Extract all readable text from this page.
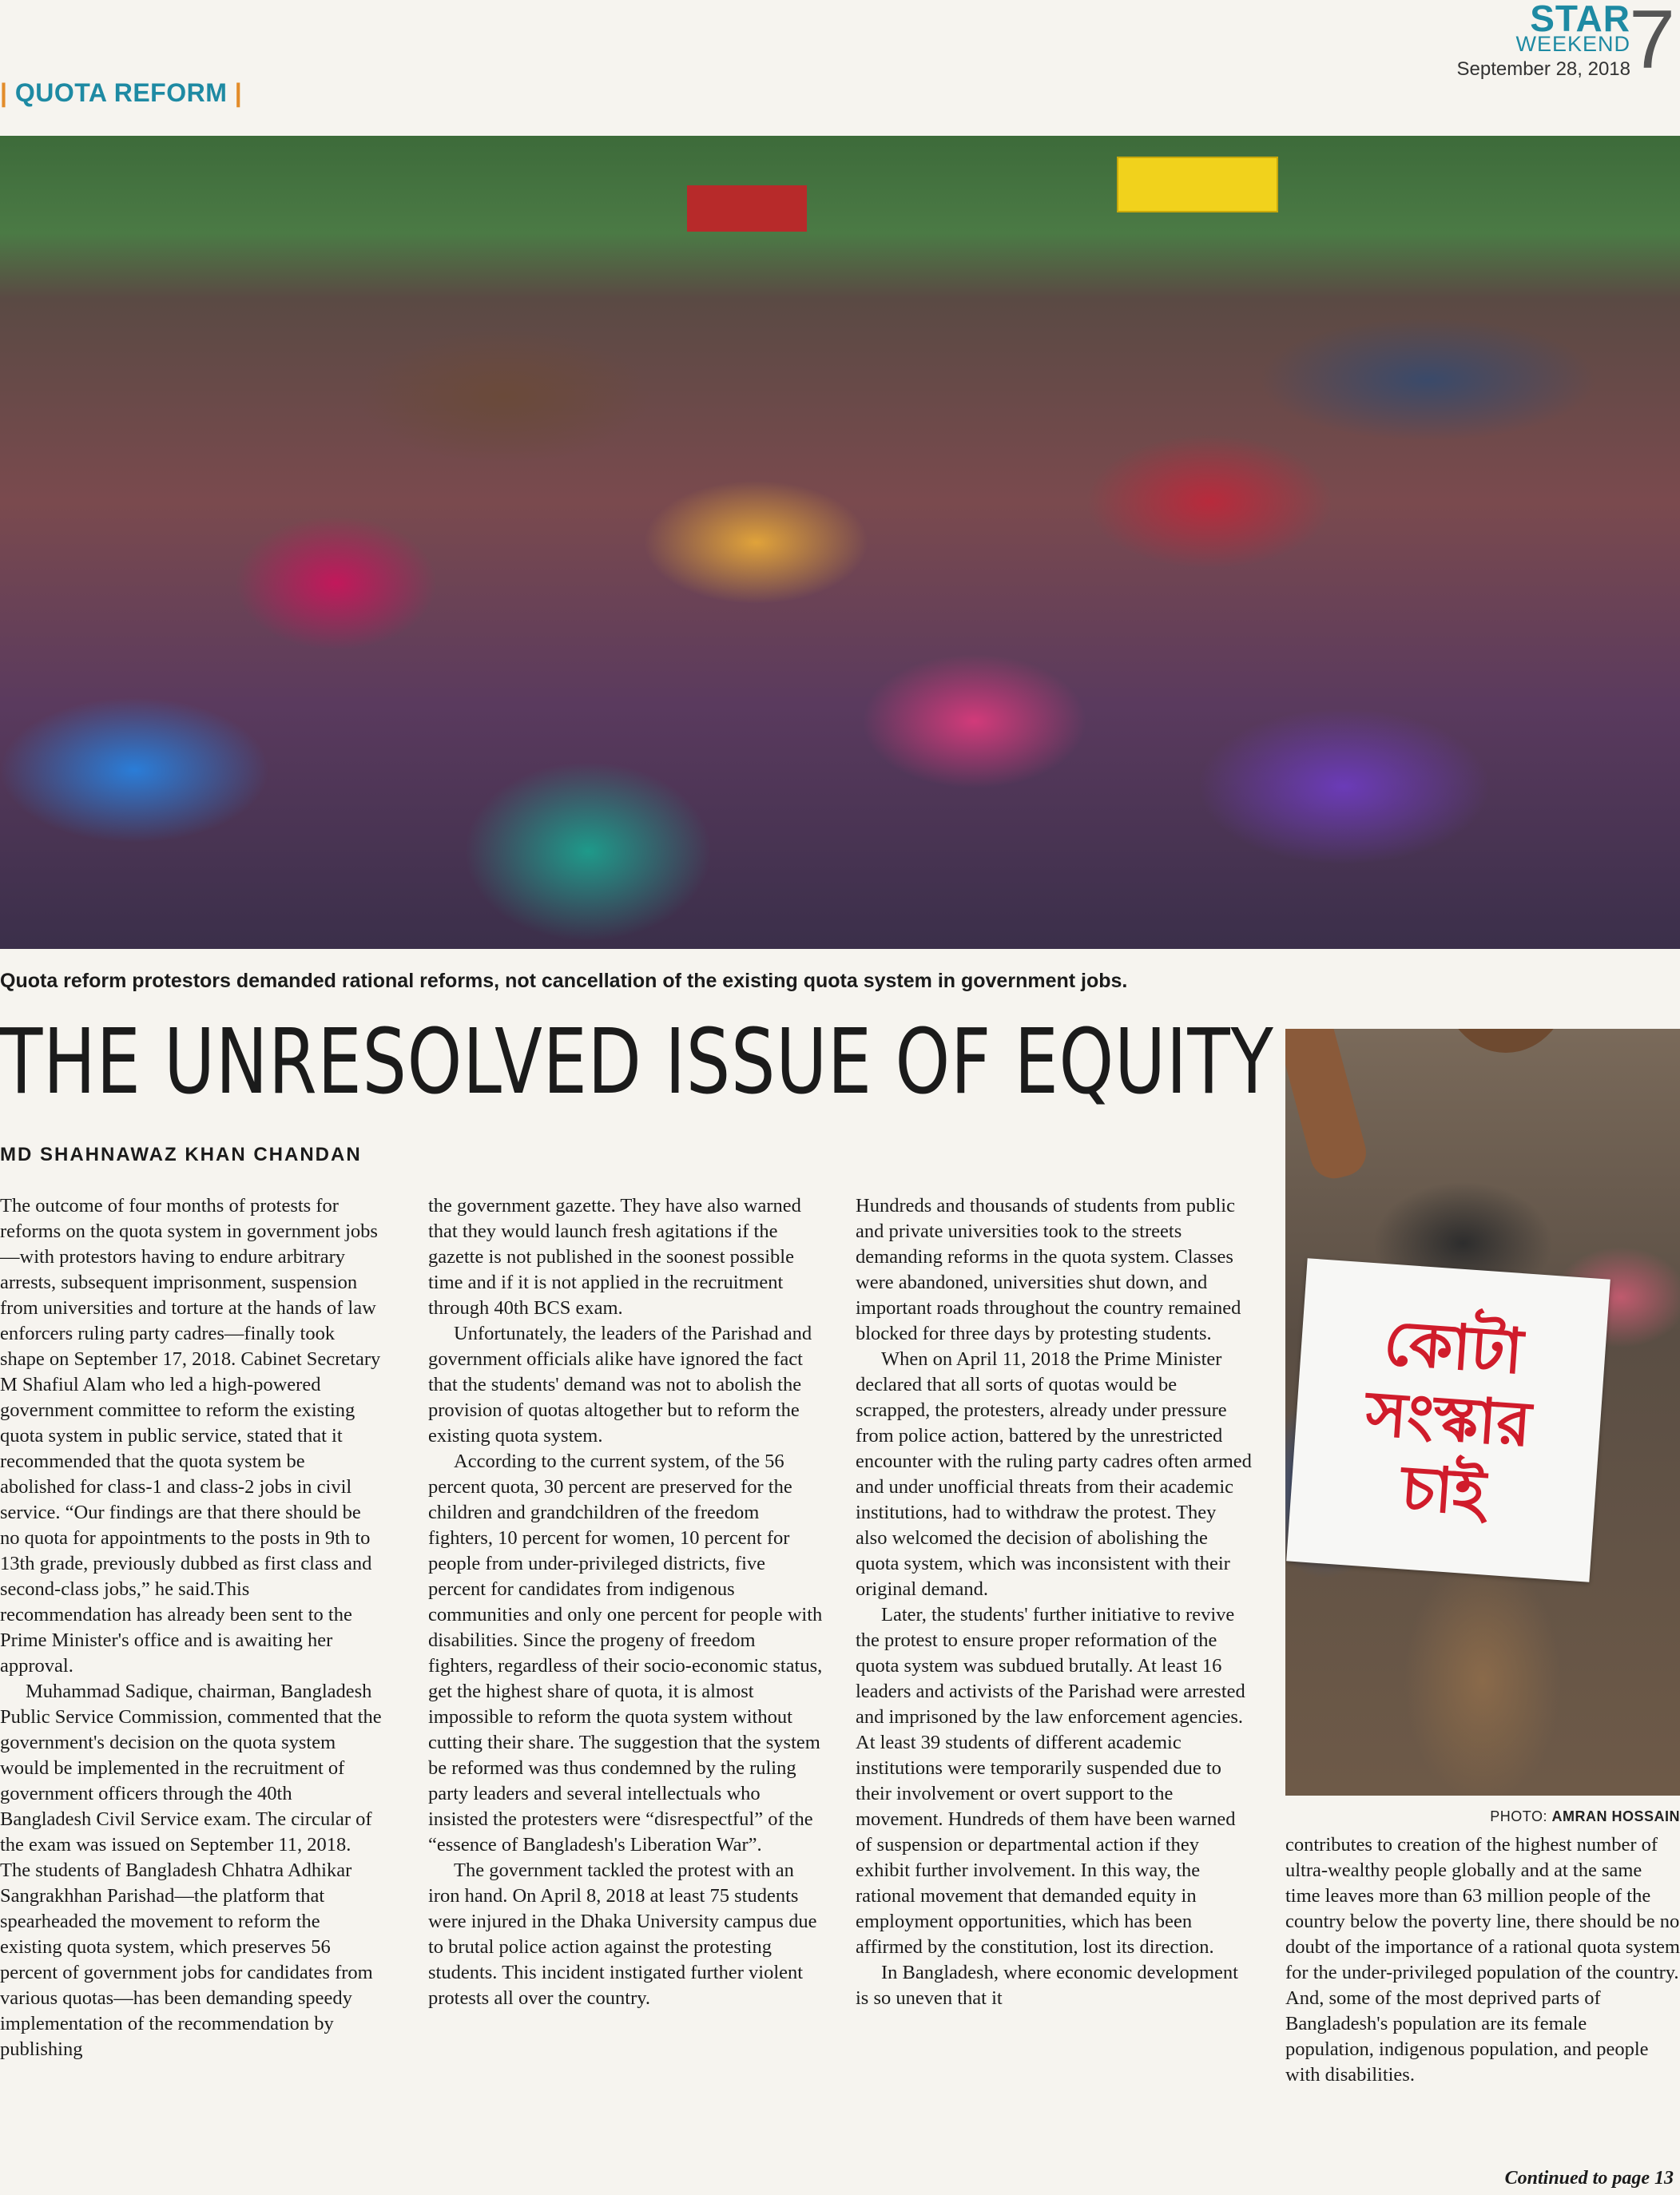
| QUOTA REFORM |
STAR
WEEKEND
September 28, 2018
7
Quota reform protestors demanded rational reforms, not cancellation of the existing quota system in government jobs.
কোটা
সংস্কার
চাই
PHOTO: AMRAN HOSSAIN
THE UNRESOLVED ISSUE OF EQUITY
MD SHAHNAWAZ KHAN CHANDAN

The outcome of four months of protests for reforms on the quota system in government jobs—with protestors having to endure arbitrary arrests, subsequent imprisonment, suspension from universities and torture at the hands of law enforcers ruling party cadres—finally took shape on September 17, 2018. Cabinet Secretary M Shafiul Alam who led a high-powered government committee to reform the existing quota system in public service, stated that it recommended that the quota system be abolished for class-1 and class-2 jobs in civil service. “Our findings are that there should be no quota for appointments to the posts in 9th to 13th grade, previously dubbed as first class and second-class jobs,” he said.This recommendation has already been sent to the Prime Minister's office and is awaiting her approval.

Muhammad Sadique, chairman, Bangladesh Public Service Commission, commented that the government's decision on the quota system would be implemented in the recruitment of government officers through the 40th Bangladesh Civil Service exam. The circular of the exam was issued on September 11, 2018. The students of Bangladesh Chhatra Adhikar Sangrakhhan Parishad—the platform that spearheaded the movement to reform the existing quota system, which preserves 56 percent of government jobs for candidates from various quotas—has been demanding speedy implementation of the recommendation by publishing

the government gazette. They have also warned that they would launch fresh agitations if the gazette is not published in the soonest possible time and if it is not applied in the recruitment through 40th BCS exam.

Unfortunately, the leaders of the Parishad and government officials alike have ignored the fact that the students' demand was not to abolish the provision of quotas altogether but to reform the existing quota system.

According to the current system, of the 56 percent quota, 30 percent are preserved for the children and grandchildren of the freedom fighters, 10 percent for women, 10 percent for people from under-privileged districts, five percent for candidates from indigenous communities and only one percent for people with disabilities. Since the progeny of freedom fighters, regardless of their socio-economic status, get the highest share of quota, it is almost impossible to reform the quota system without cutting their share. The suggestion that the system be reformed was thus condemned by the ruling party leaders and several intellectuals who insisted the protesters were “disrespectful” of the “essence of Bangladesh's Liberation War”.

The government tackled the protest with an iron hand. On April 8, 2018 at least 75 students were injured in the Dhaka University campus due to brutal police action against the protesting students. This incident instigated further violent protests all over the country.

Hundreds and thousands of students from public and private universities took to the streets demanding reforms in the quota system. Classes were abandoned, universities shut down, and important roads throughout the country remained blocked for three days by protesting students.

When on April 11, 2018 the Prime Minister declared that all sorts of quotas would be scrapped, the protesters, already under pressure from police action, battered by the unrestricted encounter with the ruling party cadres often armed and under unofficial threats from their academic institutions, had to withdraw the protest. They also welcomed the decision of abolishing the quota system, which was inconsistent with their original demand.

Later, the students' further initiative to revive the protest to ensure proper reformation of the quota system was subdued brutally. At least 16 leaders and activists of the Parishad were arrested and imprisoned by the law enforcement agencies. At least 39 students of different academic institutions were temporarily suspended due to their involvement or overt support to the movement. Hundreds of them have been warned of suspension or departmental action if they exhibit further involvement. In this way, the rational movement that demanded equity in employment opportunities, which has been affirmed by the constitution, lost its direction.

In Bangladesh, where economic development is so uneven that it

contributes to creation of the highest number of ultra-wealthy people globally and at the same time leaves more than 63 million people of the country below the poverty line, there should be no doubt of the importance of a rational quota system for the under-privileged population of the country. And, some of the most deprived parts of Bangladesh's population are its female population, indigenous population, and people with disabilities.

Continued to page 13
